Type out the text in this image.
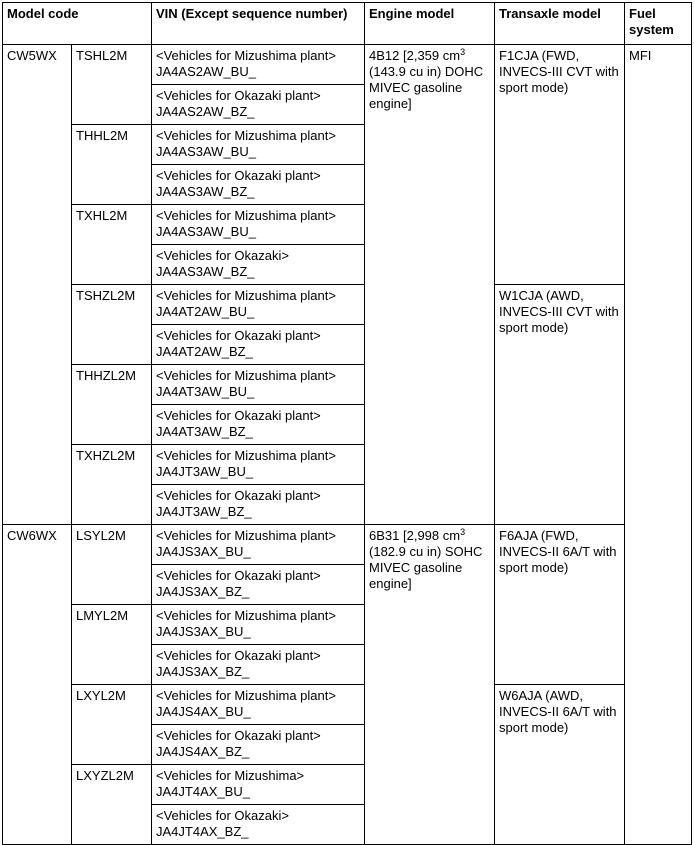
Model code		VIN (Except sequence number)	Engine model	Transaxle model	Fuel system
CW5WX	TSHL2M	<Vehicles for Mizushima plant>
JA4AS2AW_BU_	4B12 [2,359 $cm^3$ (143.9 cu in) DOHC MIVEC gasoline engine]	F1CJA (FWD, INVECS-III CVT with sport mode)	MFI

		<Vehicles for Okazaki plant>
JA4AS2AW_BZ_			

	THHL2M	<Vehicles for Mizushima plant>
JA4AS3AW_BU_			

		<Vehicles for Okazaki plant>
JA4AS3AW_BZ_			

	TXHL2M	<Vehicles for Mizushima plant>
JA4AS3AW_BU_			

		<Vehicles for Okazaki>
JA4AS3AW_BZ_			

	TSHZL2M	<Vehicles for Mizushima plant>
JA4AT2AW_BU_		W1CJA (AWD, INVECS-III CVT with sport mode)	

		<Vehicles for Okazaki plant>
JA4AT2AW_BZ_			

	THHZL2M	<Vehicles for Mizushima plant>
JA4AT3AW_BU_			

		<Vehicles for Okazaki plant>
JA4AT3AW_BZ_			

	TXHZL2M	<Vehicles for Mizushima plant>
JA4JT3AW_BU_			

		<Vehicles for Okazaki plant>
JA4JT3AW_BZ_			

CW6WX	LSYL2M	<Vehicles for Mizushima plant>
JA4JS3AX_BU_	6B31 [2,998 $cm^3$ (182.9 cu in) SOHC MIVEC gasoline engine]	F6AJA (FWD, INVECS-II 6A/T with sport mode)	

		<Vehicles for Okazaki plant>
JA4JS3AX_BZ_			

	LMYL2M	<Vehicles for Mizushima plant>
JA4JS3AX_BU_			

		<Vehicles for Okazaki plant>
JA4JS3AX_BZ_			

	LXYL2M	<Vehicles for Mizushima plant>
JA4JS4AX_BU_		W6AJA (AWD, INVECS-II 6A/T with sport mode)	

		<Vehicles for Okazaki plant>
JA4JS4AX_BZ_			

	LXYZL2M	<Vehicles for Mizushima>
JA4JT4AX_BU_			

		<Vehicles for Okazaki>
JA4JT4AX_BZ_			
